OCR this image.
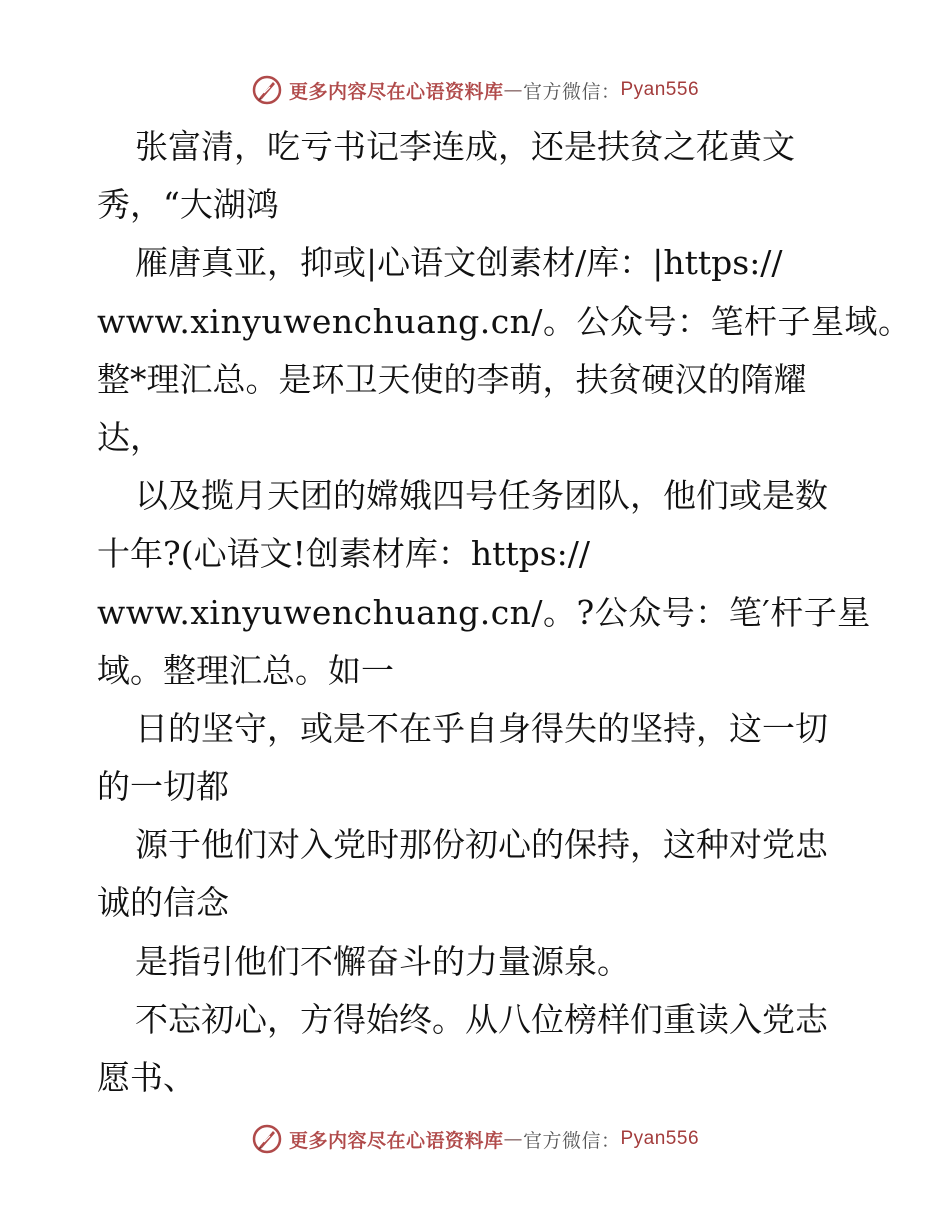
更多内容尽在心语资料库 — 官方微信： Pyan556
张富清，吃亏书记李连成，还是扶贫之花黄文
秀，“大湖鸿
雁唐真亚，抑或|心语文创素材/库：|https://
www.xinyuwenchuang.cn/。公众号：笔杆子星域。
整*理汇总。是环卫天使的李萌，扶贫硬汉的隋耀
达，
以及揽月天团的嫦娥四号任务团队，他们或是数
十年?(心语文!创素材库：https://
www.xinyuwenchuang.cn/。?公众号：笔′杆子星
域。整理汇总。如一
日的坚守，或是不在乎自身得失的坚持，这一切
的一切都
源于他们对入党时那份初心的保持，这种对党忠
诚的信念
是指引他们不懈奋斗的力量源泉。
不忘初心，方得始终。从八位榜样们重读入党志
愿书、
更多内容尽在心语资料库 — 官方微信： Pyan556
